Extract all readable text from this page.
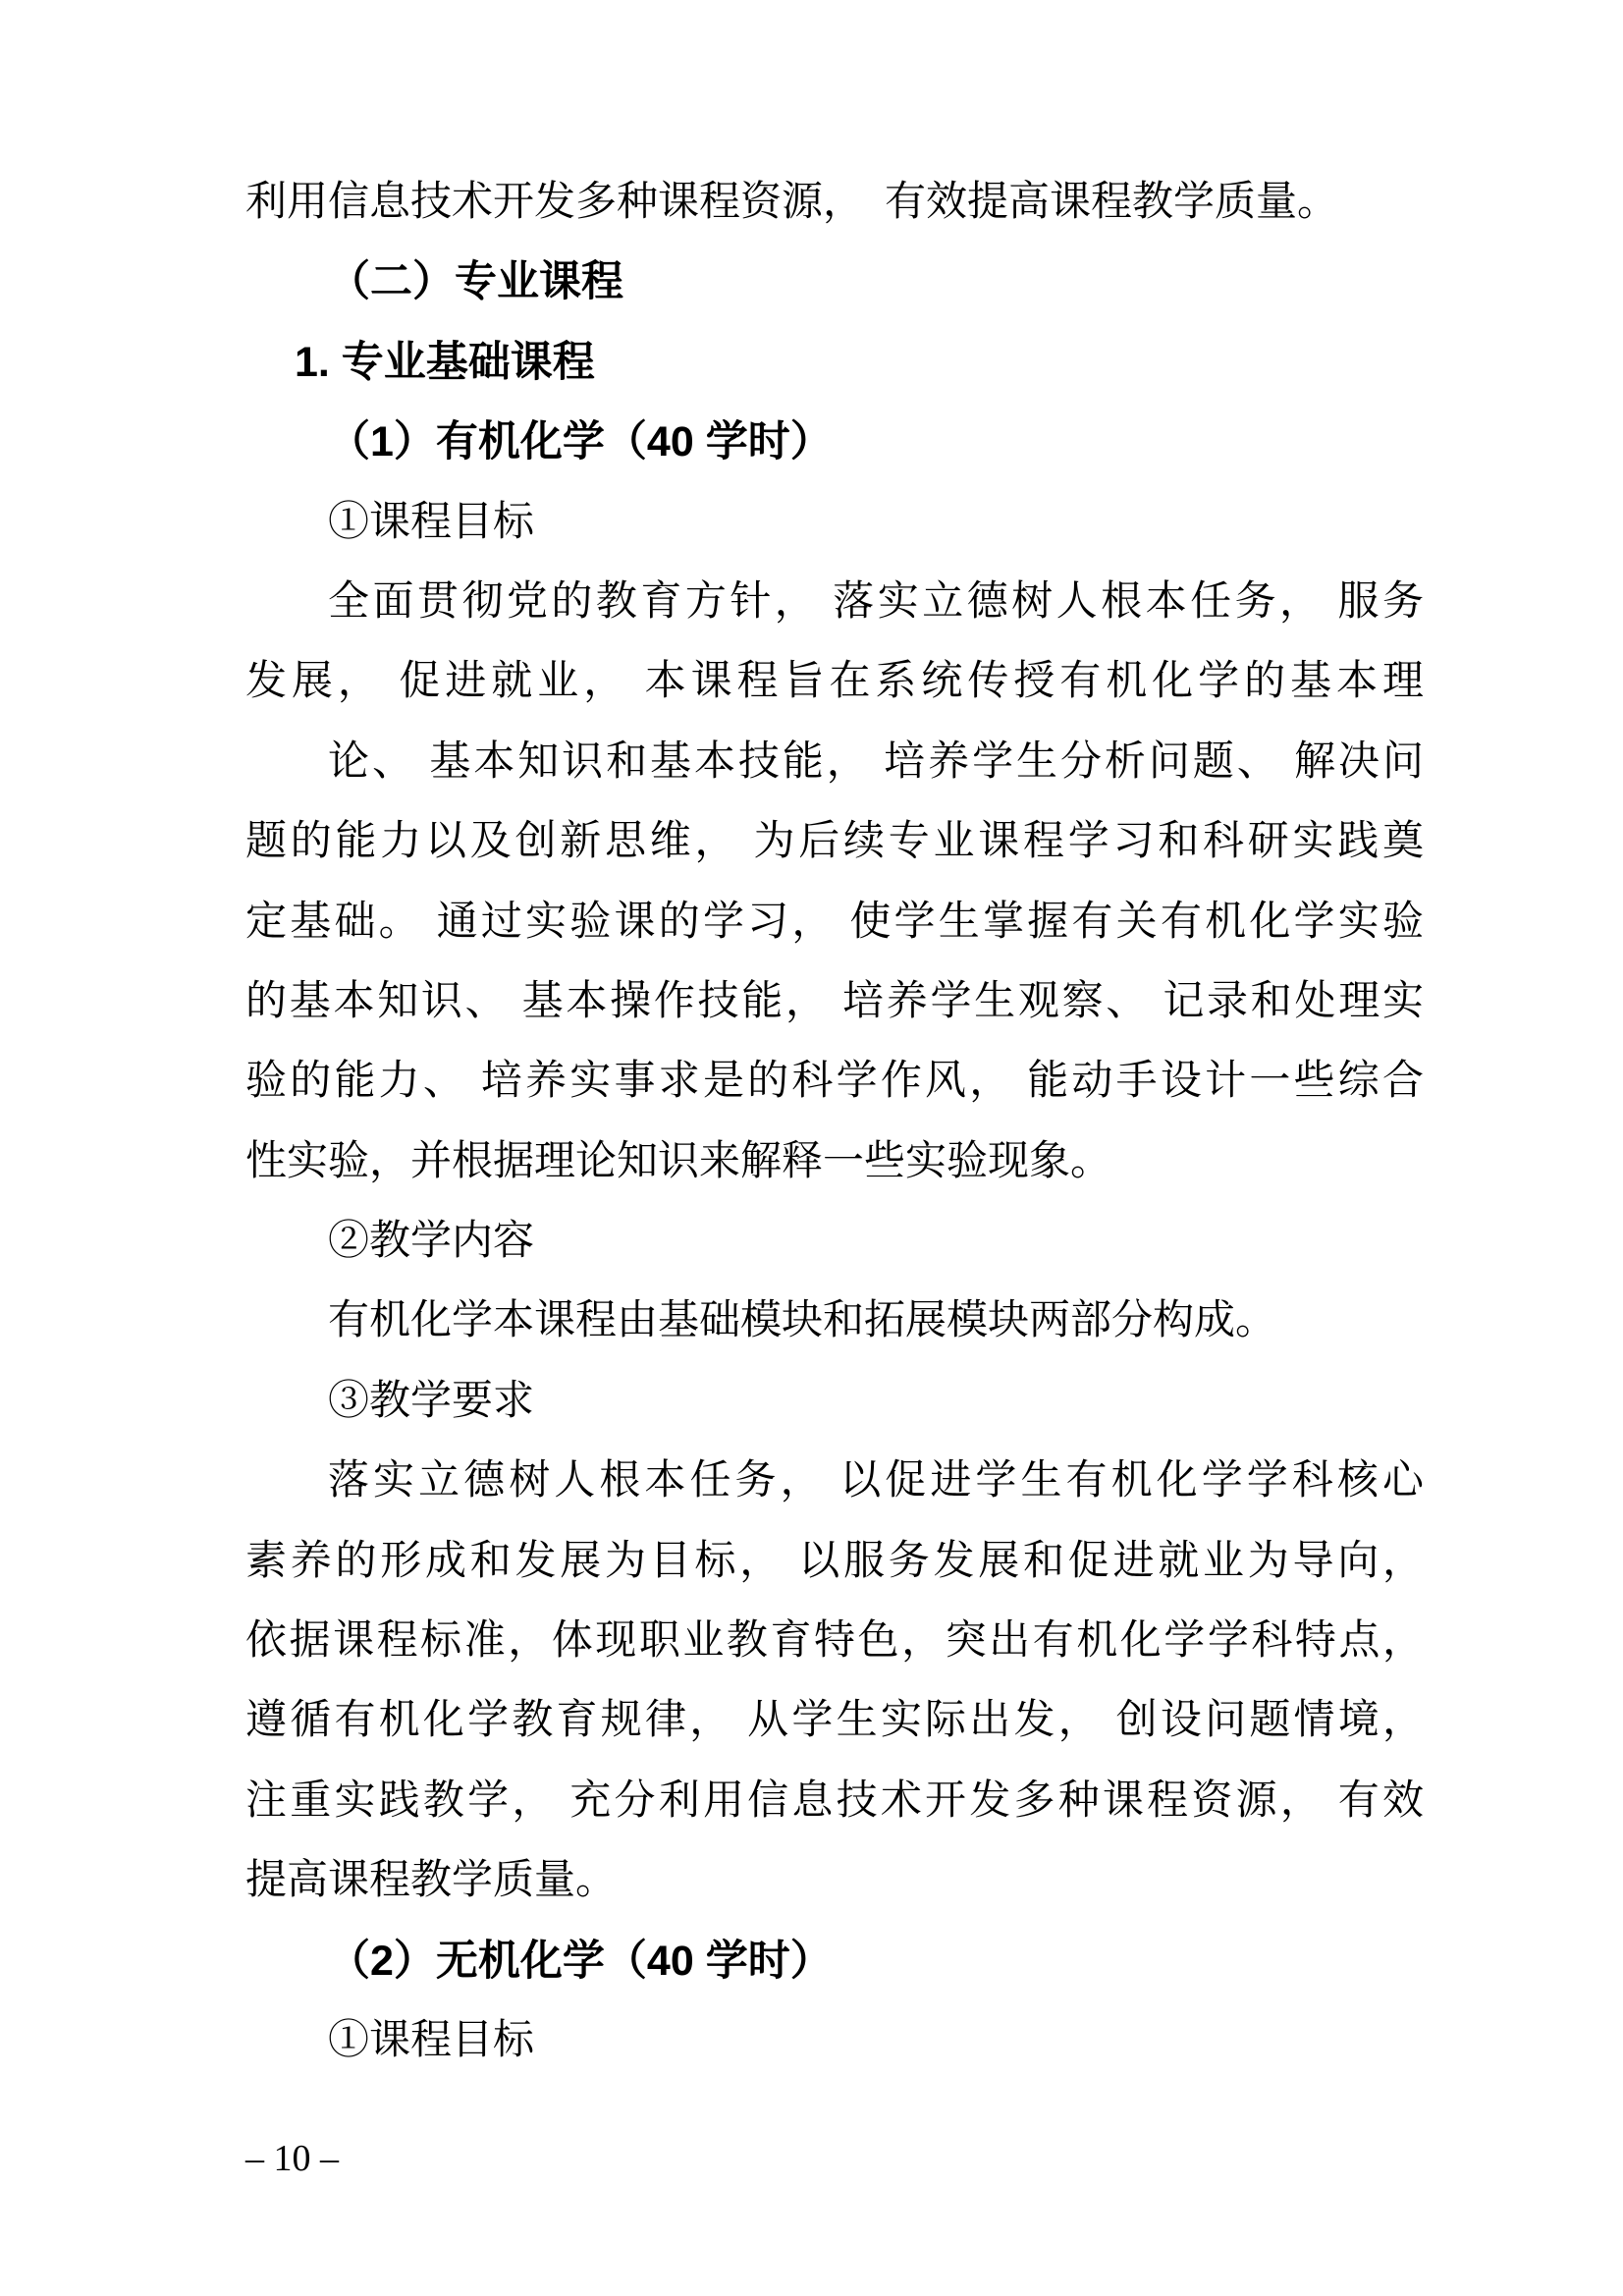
利用信息技术开发多种课程资源，　有效提高课程教学质量。
（二）专业课程
1. 专业基础课程
（1）有机化学（40 学时）
①课程目标
全面贯彻党的教育方针， 落实立德树人根本任务， 服务
发展， 促进就业， 本课程旨在系统传授有机化学的基本理
论、 基本知识和基本技能， 培养学生分析问题、 解决问
题的能力以及创新思维， 为后续专业课程学习和科研实践奠
定基础。 通过实验课的学习， 使学生掌握有关有机化学实验
的基本知识、 基本操作技能， 培养学生观察、 记录和处理实
验的能力、 培养实事求是的科学作风， 能动手设计一些综合
性实验，并根据理论知识来解释一些实验现象。
②教学内容
有机化学本课程由基础模块和拓展模块两部分构成。
③教学要求
落实立德树人根本任务， 以促进学生有机化学学科核心
素养的形成和发展为目标， 以服务发展和促进就业为导向，
依据课程标准，体现职业教育特色，突出有机化学学科特点，
遵循有机化学教育规律， 从学生实际出发， 创设问题情境，
注重实践教学， 充分利用信息技术开发多种课程资源， 有效
提高课程教学质量。
（2）无机化学（40 学时）
①课程目标
– 10 –
